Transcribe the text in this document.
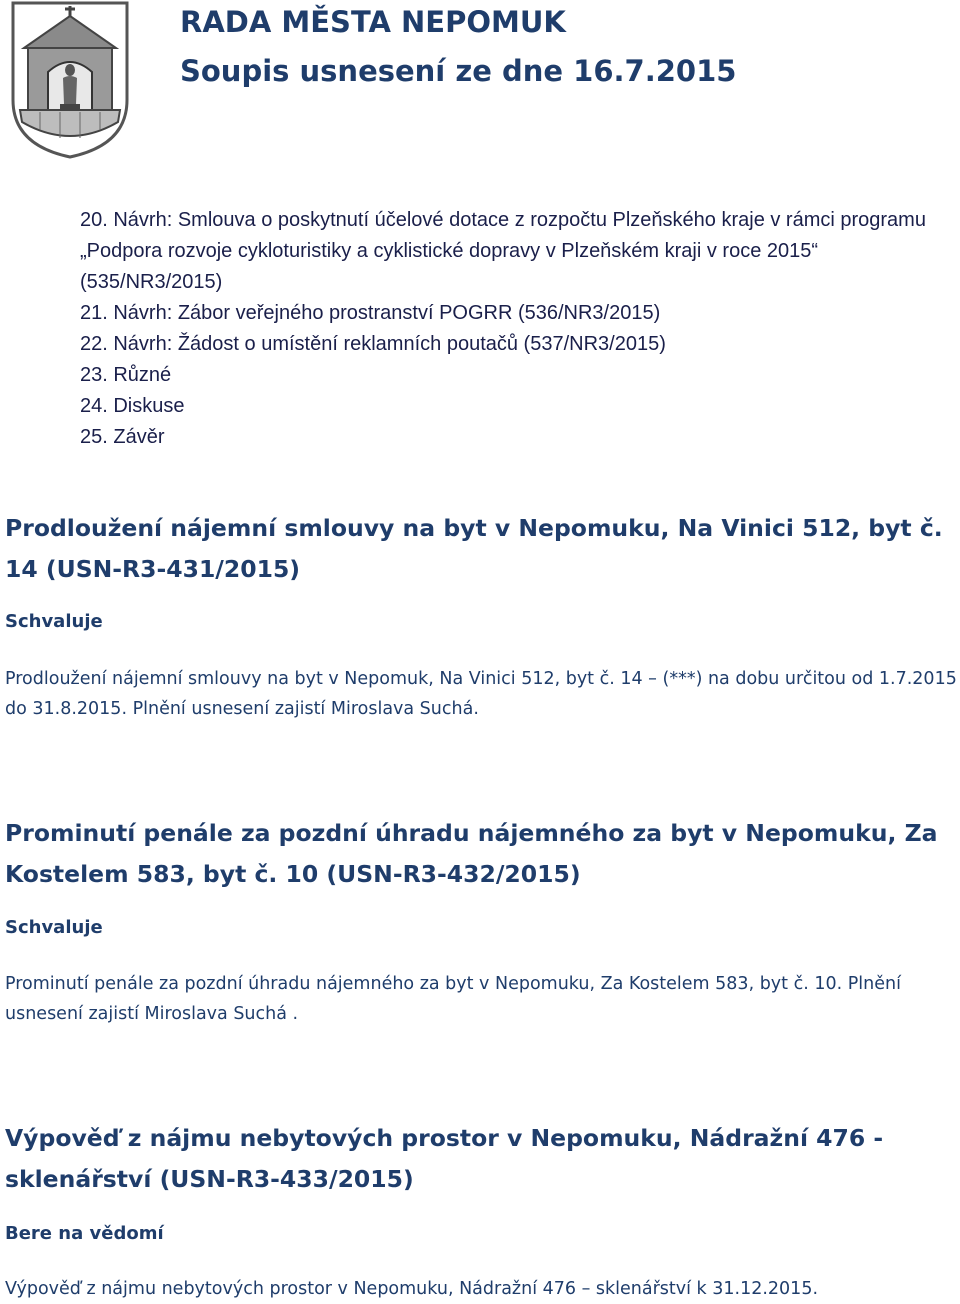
RADA MĚSTA NEPOMUK
Soupis usnesení ze dne 16.7.2015
20. Návrh: Smlouva o poskytnutí účelové dotace z rozpočtu Plzeňského kraje v rámci programu „Podpora rozvoje cykloturistiky a cyklistické dopravy v Plzeňském kraji v roce 2015“ (535/NR3/2015)
21. Návrh: Zábor veřejného prostranství POGRR (536/NR3/2015)
22. Návrh: Žádost o umístění reklamních poutačů (537/NR3/2015)
23. Různé
24. Diskuse
25. Závěr
Prodloužení nájemní smlouvy na byt v Nepomuku, Na Vinici 512, byt č. 14 (USN-R3-431/2015)

Schvaluje

Prodloužení nájemní smlouvy na byt v Nepomuk, Na Vinici 512, byt č. 14 – (***) na dobu určitou od 1.7.2015 do 31.8.2015. Plnění usnesení zajistí Miroslava Suchá.

Prominutí penále za pozdní úhradu nájemného za byt v Nepomuku, Za Kostelem 583, byt č. 10 (USN-R3-432/2015)

Schvaluje

Prominutí penále za pozdní úhradu nájemného za byt v Nepomuku, Za Kostelem 583, byt č. 10. Plnění usnesení zajistí Miroslava Suchá .

Výpověď z nájmu nebytových prostor v Nepomuku, Nádražní 476 - sklenářství (USN-R3-433/2015)

Bere na vědomí

Výpověď z nájmu nebytových prostor v Nepomuku, Nádražní 476 – sklenářství k 31.12.2015.
